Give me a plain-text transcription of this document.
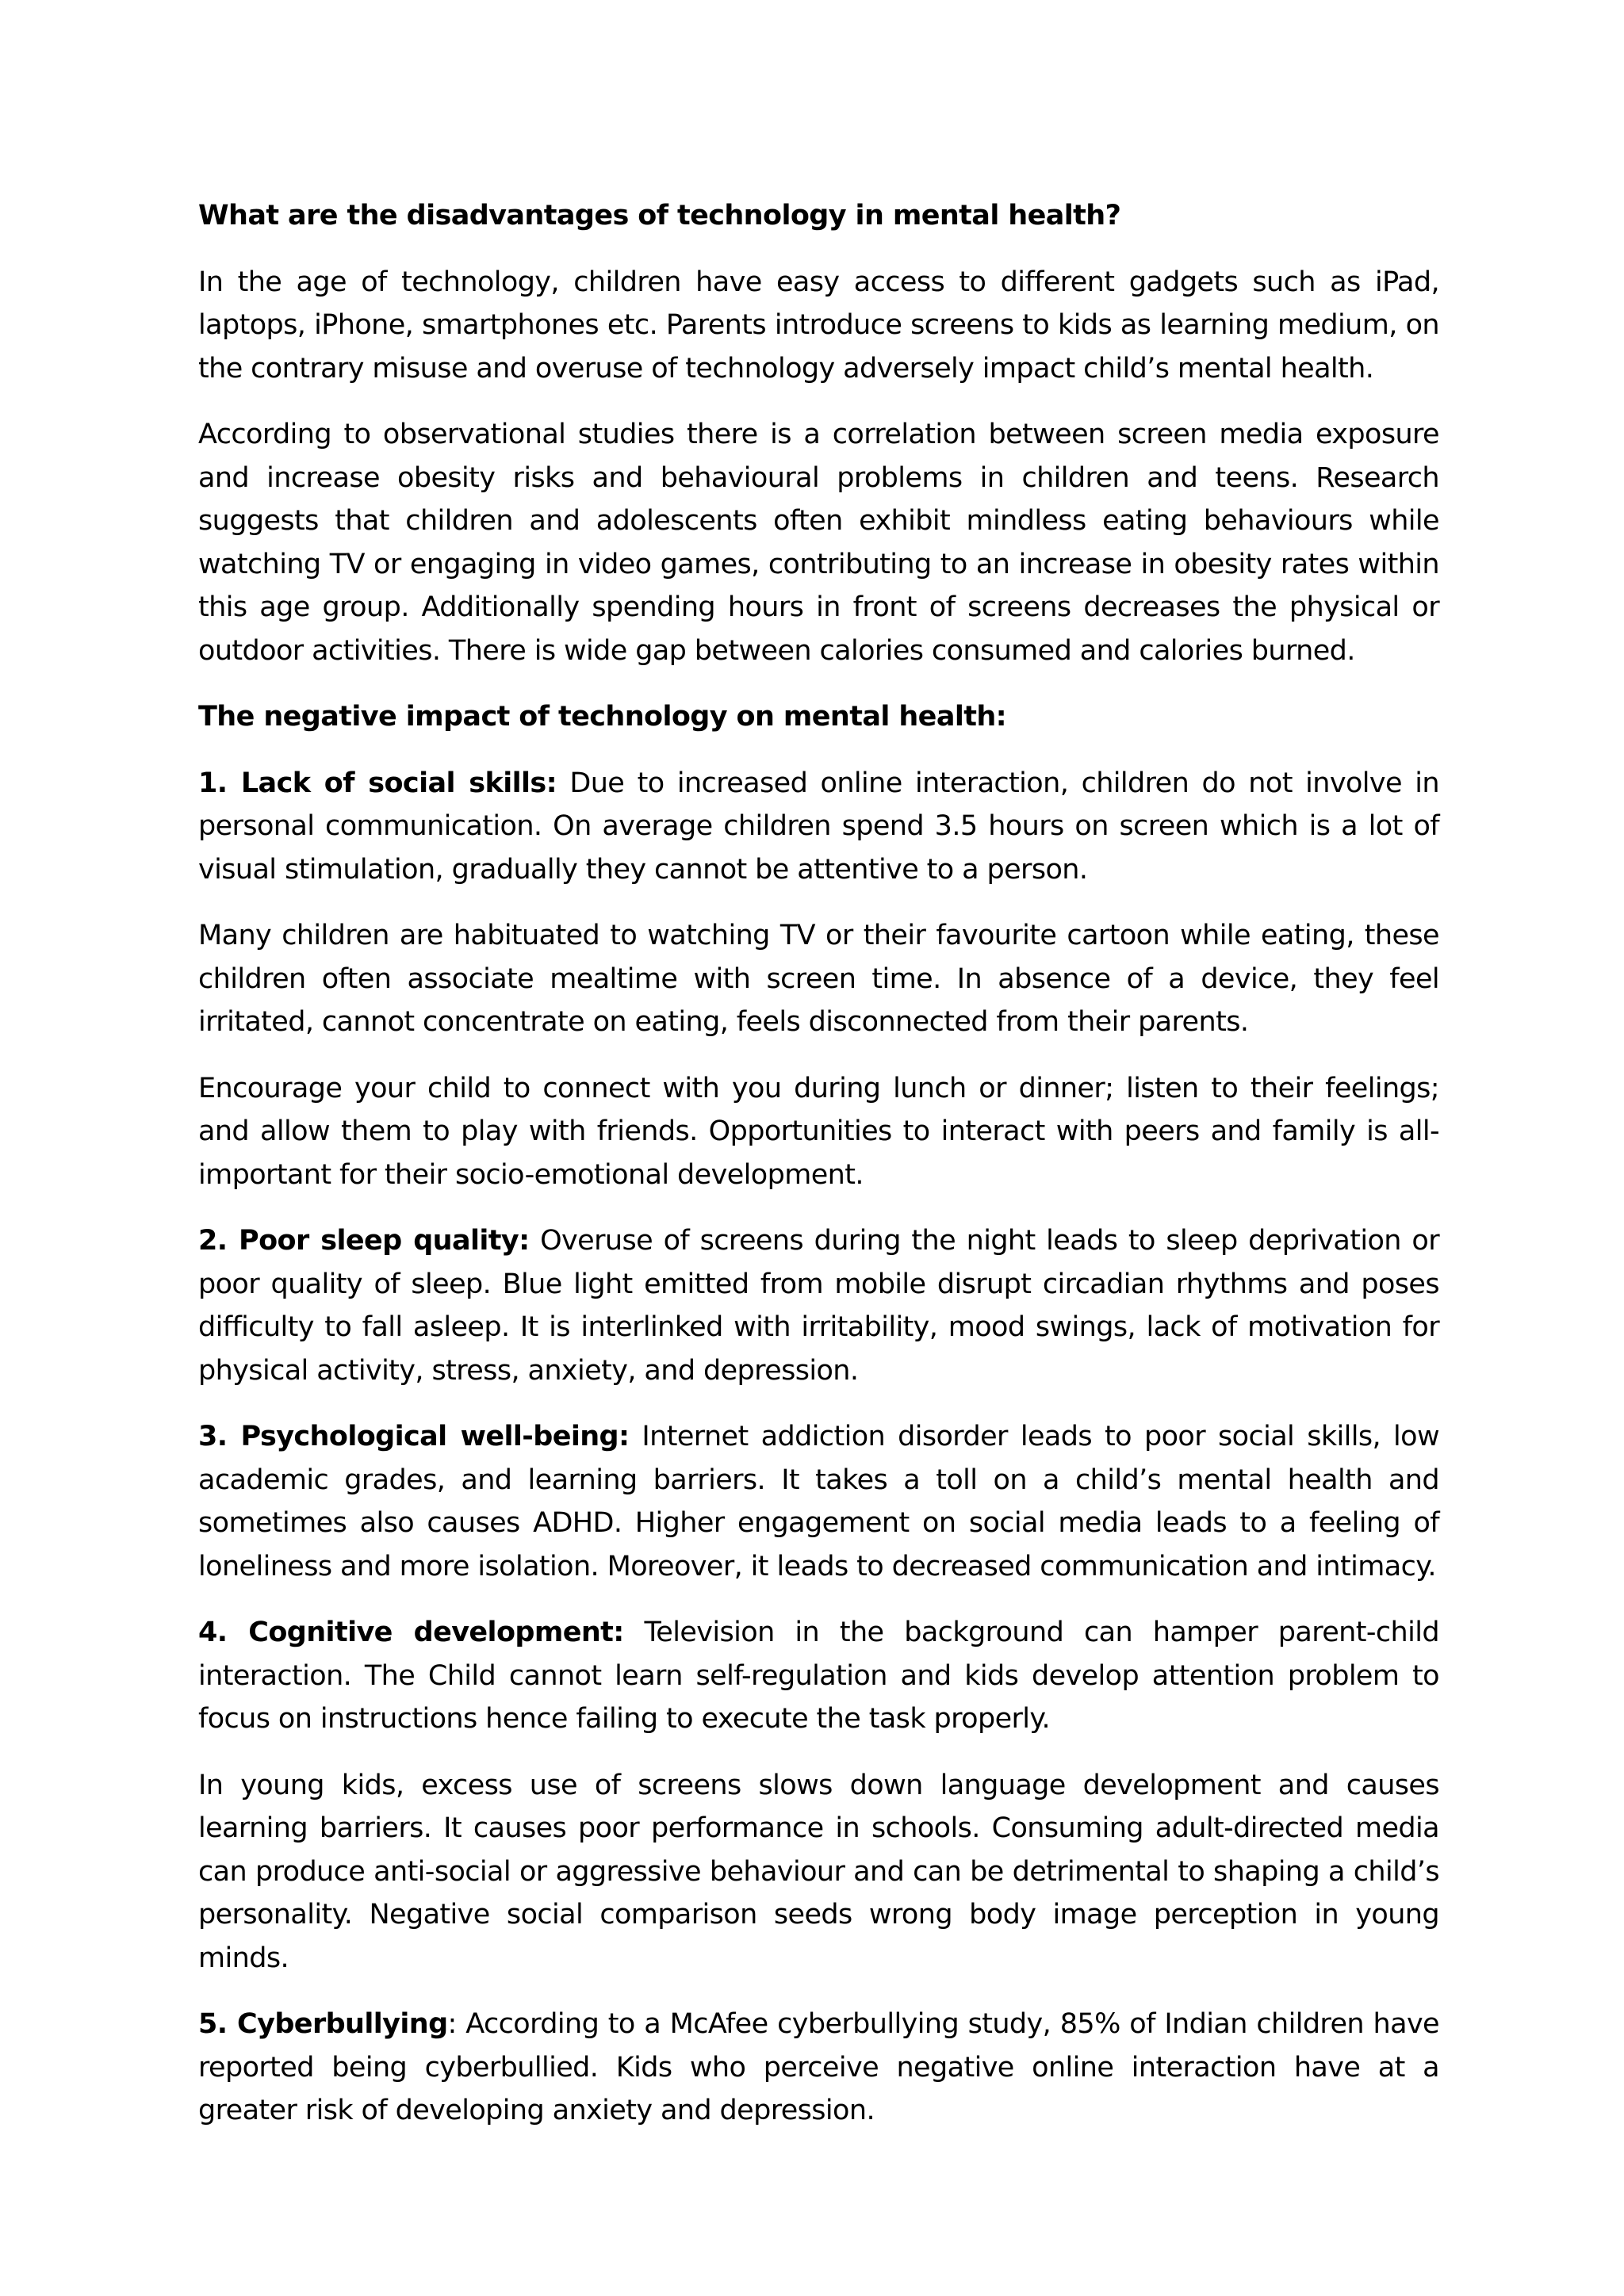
What are the disadvantages of technology in mental health?

In the age of technology, children have easy access to different gadgets such as iPad, laptops, iPhone, smartphones etc. Parents introduce screens to kids as learning medium, on the contrary misuse and overuse of technology adversely impact child’s mental health.

According to observational studies there is a correlation between screen media exposure and increase obesity risks and behavioural problems in children and teens. Research suggests that children and adolescents often exhibit mindless eating behaviours while watching TV or engaging in video games, contributing to an increase in obesity rates within this age group. Additionally spending hours in front of screens decreases the physical or outdoor activities. There is wide gap between calories consumed and calories burned.

The negative impact of technology on mental health:

1. Lack of social skills: Due to increased online interaction, children do not involve in personal communication. On average children spend 3.5 hours on screen which is a lot of visual stimulation, gradually they cannot be attentive to a person.

Many children are habituated to watching TV or their favourite cartoon while eating, these children often associate mealtime with screen time. In absence of a device, they feel irritated, cannot concentrate on eating, feels disconnected from their parents.

Encourage your child to connect with you during lunch or dinner; listen to their feelings; and allow them to play with friends. Opportunities to interact with peers and family is all-important for their socio-emotional development.

2. Poor sleep quality: Overuse of screens during the night leads to sleep deprivation or poor quality of sleep. Blue light emitted from mobile disrupt circadian rhythms and poses difficulty to fall asleep. It is interlinked with irritability, mood swings, lack of motivation for physical activity, stress, anxiety, and depression.

3. Psychological well-being: Internet addiction disorder leads to poor social skills, low academic grades, and learning barriers. It takes a toll on a child’s mental health and sometimes also causes ADHD. Higher engagement on social media leads to a feeling of loneliness and more isolation. Moreover, it leads to decreased communication and intimacy.

4. Cognitive development: Television in the background can hamper parent-child interaction. The Child cannot learn self-regulation and kids develop attention problem to focus on instructions hence failing to execute the task properly.

In young kids, excess use of screens slows down language development and causes learning barriers. It causes poor performance in schools. Consuming adult-directed media can produce anti-social or aggressive behaviour and can be detrimental to shaping a child’s personality. Negative social comparison seeds wrong body image perception in young minds.

5. Cyberbullying: According to a McAfee cyberbullying study, 85% of Indian children have reported being cyberbullied. Kids who perceive negative online interaction have at a greater risk of developing anxiety and depression.
